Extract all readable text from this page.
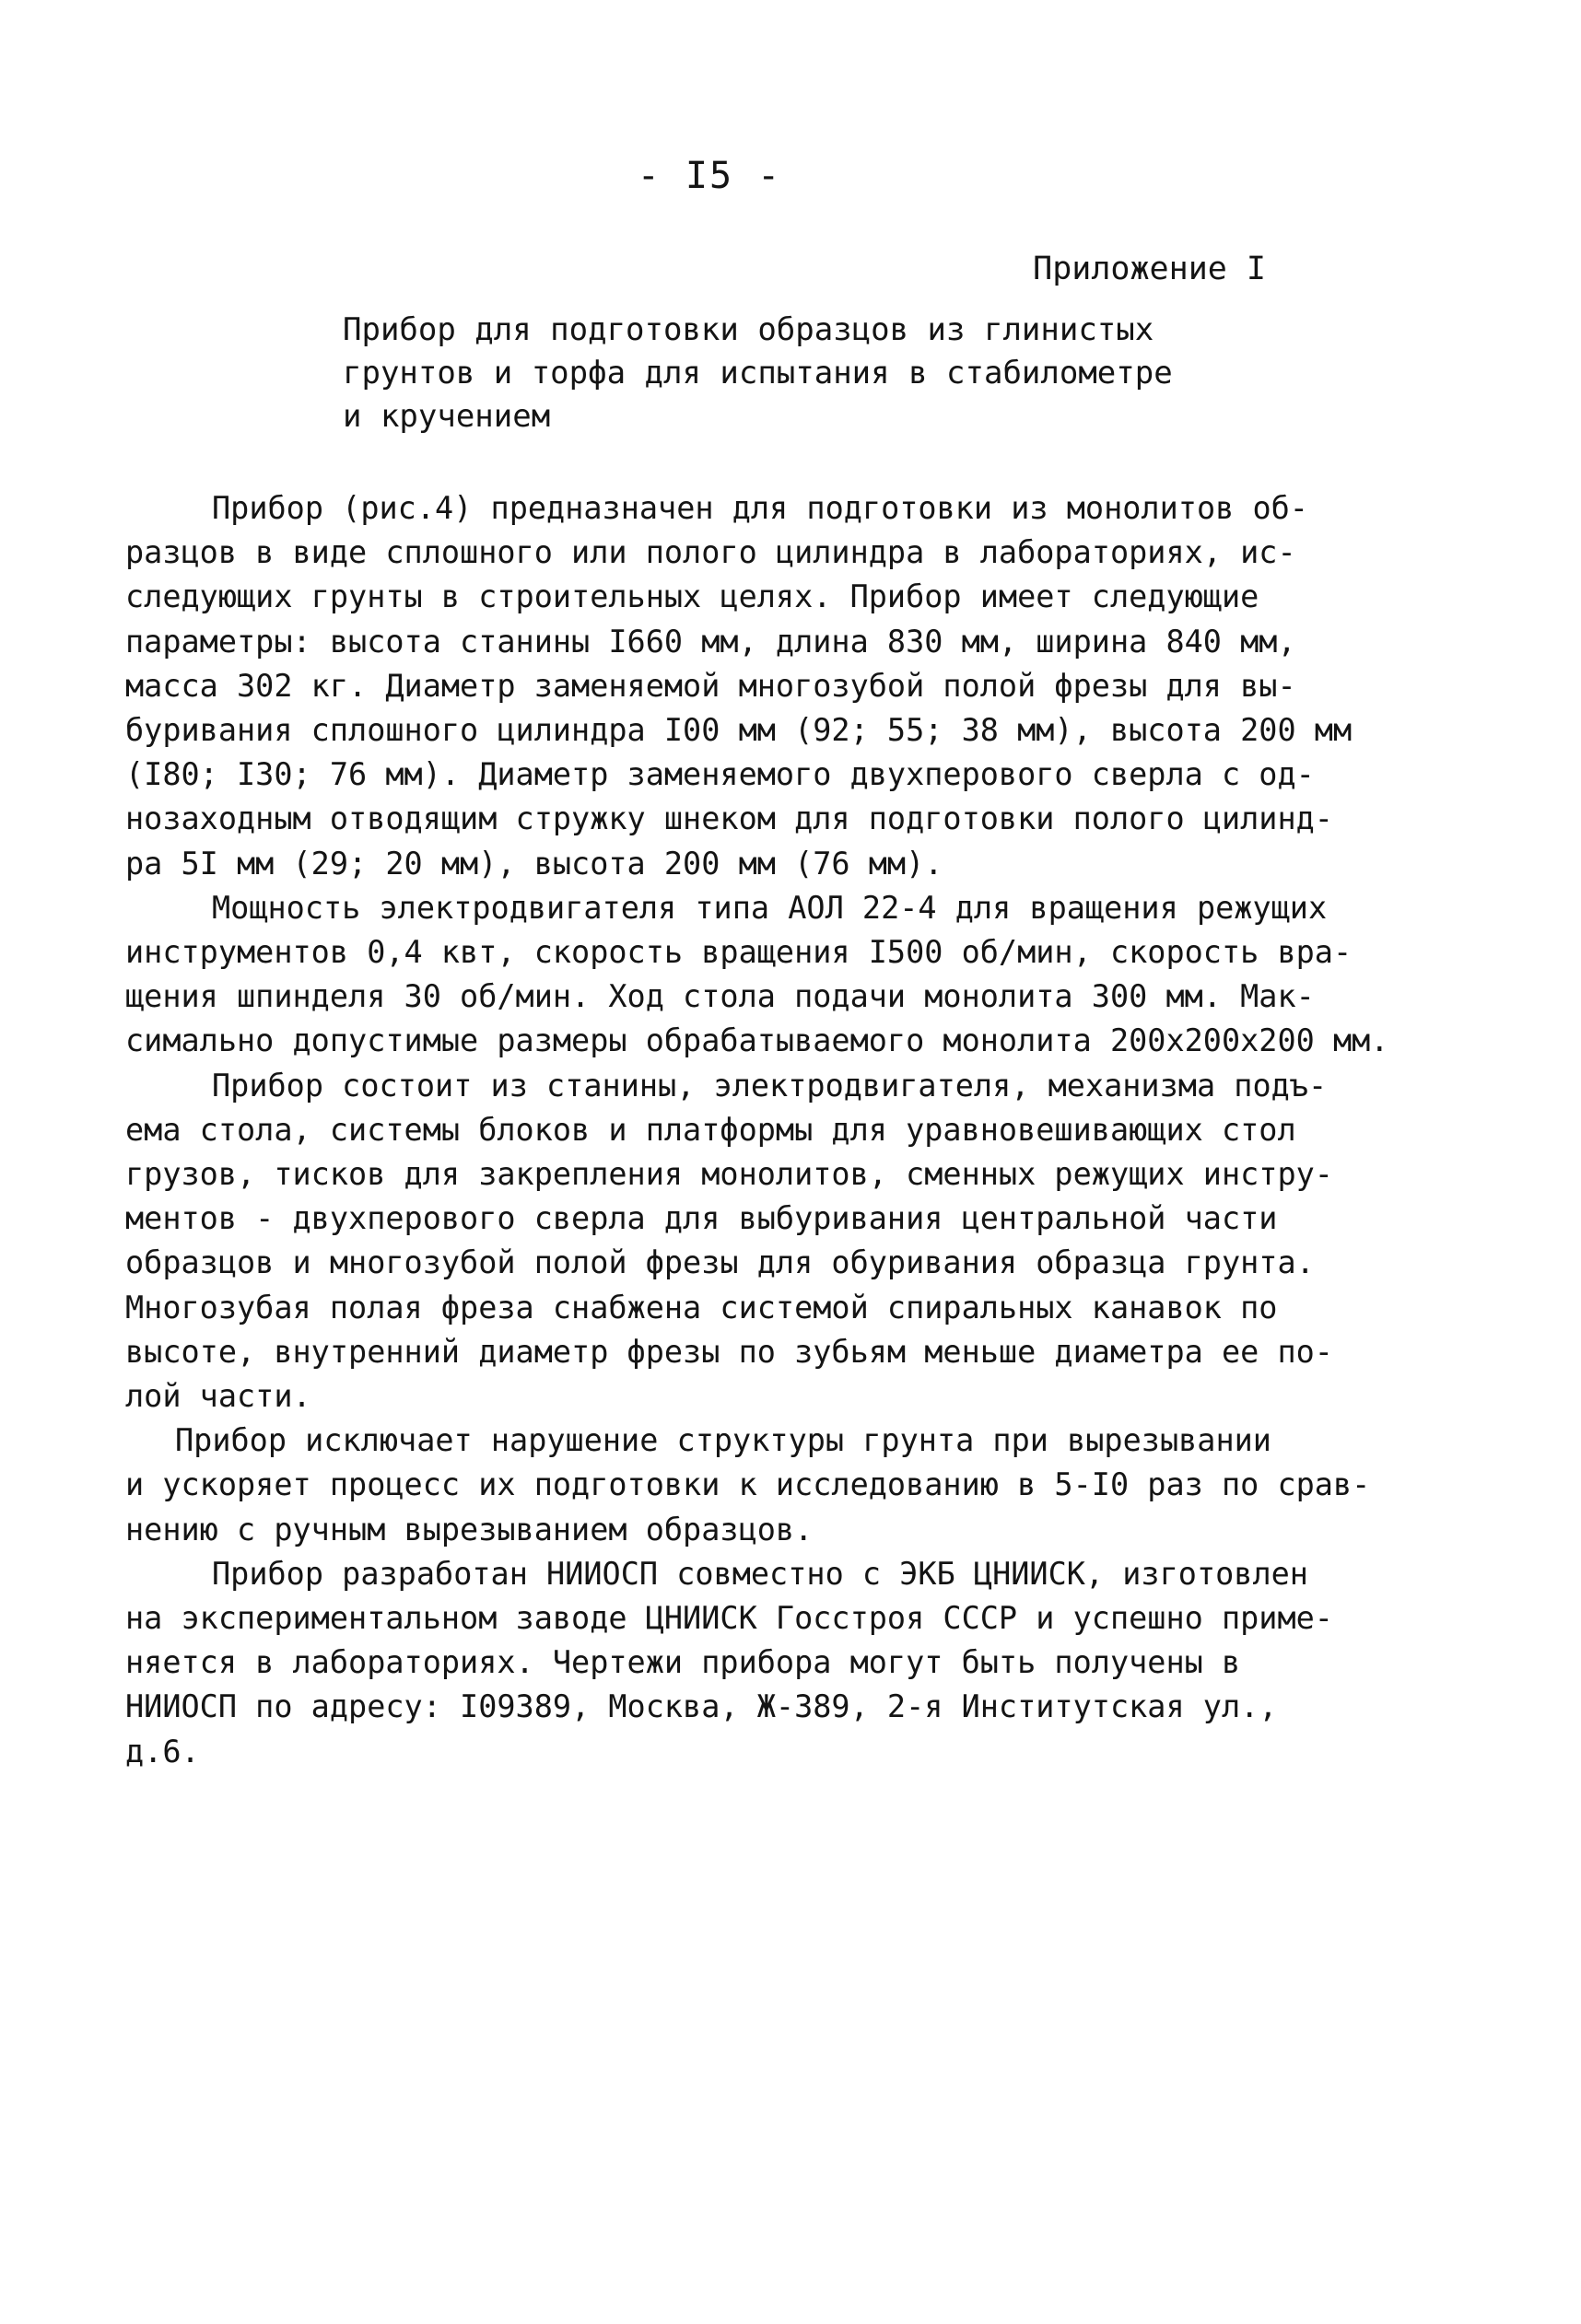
- I5 -
Приложение I
Прибор для подготовки образцов из глинистых
грунтов и торфа для испытания в стабилометре
и кручением
Прибор (рис.4) предназначен для подготовки из монолитов об-
разцов в виде сплошного или полого цилиндра в лабораториях, ис-
следующих грунты в строительных целях. Прибор имеет следующие
параметры: высота станины I660 мм, длина 830 мм, ширина 840 мм,
масса 302 кг. Диаметр заменяемой многозубой полой фрезы для вы-
буривания сплошного цилиндра I00 мм (92; 55; 38 мм), высота 200 мм
(I80; I30; 76 мм). Диаметр заменяемого двухперового сверла с од-
нозаходным отводящим стружку шнеком для подготовки полого цилинд-
ра 5I мм (29; 20 мм), высота 200 мм (76 мм).
Мощность электродвигателя типа АОЛ 22-4 для вращения режущих
инструментов 0,4 квт, скорость вращения I500 об/мин, скорость вра-
щения шпинделя 30 об/мин. Ход стола подачи монолита 300 мм. Мак-
симально допустимые размеры обрабатываемого монолита 200х200х200 мм.
Прибор состоит из станины, электродвигателя, механизма подъ-
ема стола, системы блоков и платформы для уравновешивающих стол
грузов, тисков для закрепления монолитов, сменных режущих инстру-
ментов - двухперового сверла для выбуривания центральной части
образцов и многозубой полой фрезы для обуривания образца грунта.
Многозубая полая фреза снабжена системой спиральных канавок по
высоте, внутренний диаметр фрезы по зубьям меньше диаметра ее по-
лой части.
Прибор исключает нарушение структуры грунта при вырезывании
и ускоряет процесс их подготовки к исследованию в 5-I0 раз по срав-
нению с ручным вырезыванием образцов.
Прибор разработан НИИОСП совместно с ЭКБ ЦНИИСК, изготовлен
на экспериментальном заводе ЦНИИСК Госстроя СССР и успешно приме-
няется в лабораториях. Чертежи прибора могут быть получены в
НИИОСП по адресу: I09389, Москва, Ж-389, 2-я Институтская ул.,
д.6.
